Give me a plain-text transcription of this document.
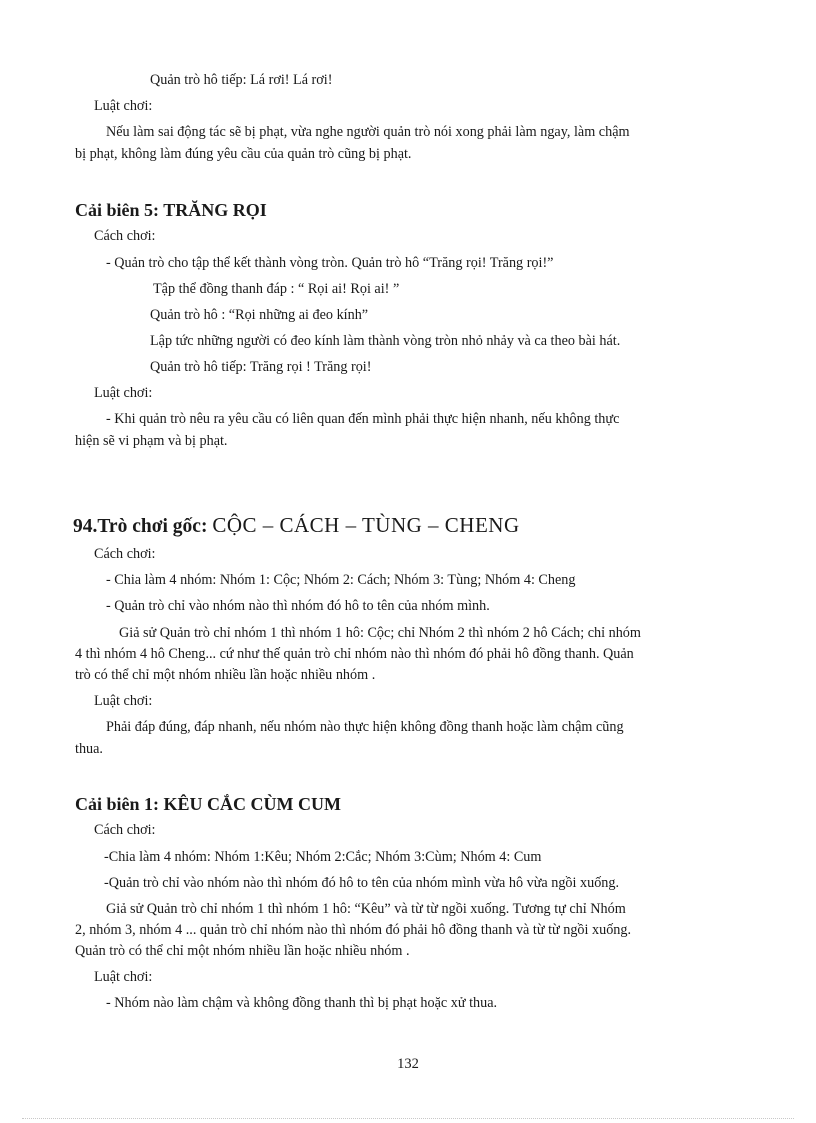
Quản trò hô tiếp: Lá rơi! Lá rơi!
Luật chơi:
Nếu làm sai động tác sẽ bị phạt, vừa nghe người quản trò nói xong phải làm ngay, làm chậm
bị phạt, không làm đúng yêu cầu của quản trò cũng bị phạt.
Cải biên 5: TRĂNG RỌI
Cách chơi:
- Quản trò cho tập thể kết thành vòng tròn. Quản trò hô “Trăng rọi! Trăng rọi!”
Tập thể đồng thanh đáp : “ Rọi ai! Rọi ai! ”
Quản trò hô : “Rọi những ai đeo kính”
Lập tức những người có đeo kính làm thành vòng tròn nhỏ nhảy và ca theo bài hát.
Quản trò hô tiếp: Trăng rọi ! Trăng rọi!
Luật chơi:
- Khi quản trò nêu ra yêu cầu có liên quan đến mình phải thực hiện nhanh, nếu không thực
hiện sẽ vi phạm và bị phạt.
94.Trò chơi gốc: CỘC – CÁCH – TÙNG – CHENG
Cách chơi:
- Chia làm 4 nhóm: Nhóm 1: Cộc; Nhóm 2: Cách; Nhóm 3: Tùng; Nhóm 4: Cheng
- Quản trò chỉ vào nhóm nào thì nhóm đó hô to tên của nhóm mình.
Giả sử Quản trò chỉ nhóm 1 thì nhóm 1 hô: Cộc; chỉ Nhóm 2 thì nhóm 2 hô Cách; chỉ nhóm
4 thì nhóm 4 hô Cheng... cứ như thế quản trò chỉ nhóm nào thì nhóm đó phải hô đồng thanh. Quản
trò có thể chỉ một nhóm nhiều lần hoặc nhiều nhóm .
Luật chơi:
Phải đáp đúng, đáp nhanh, nếu nhóm nào thực hiện không đồng thanh hoặc làm chậm cũng
thua.
Cải biên 1: KÊU CẮC CÙM CUM
Cách chơi:
-Chia làm 4 nhóm: Nhóm 1:Kêu; Nhóm 2:Cắc; Nhóm 3:Cùm; Nhóm 4: Cum
-Quản trò chỉ vào nhóm nào thì nhóm đó hô to tên của nhóm mình vừa hô vừa ngồi xuống.
Giả sử Quản trò chỉ nhóm 1 thì nhóm 1 hô: “Kêu” và từ từ ngồi xuống. Tương tự chỉ Nhóm
2, nhóm 3, nhóm 4 ... quản trò chỉ nhóm nào thì nhóm đó phải hô đồng thanh và từ từ ngồi xuống.
Quản trò có thể chỉ một nhóm nhiều lần hoặc nhiều nhóm .
Luật chơi:
- Nhóm nào làm chậm và không đồng thanh thì bị phạt hoặc xử thua.
132
